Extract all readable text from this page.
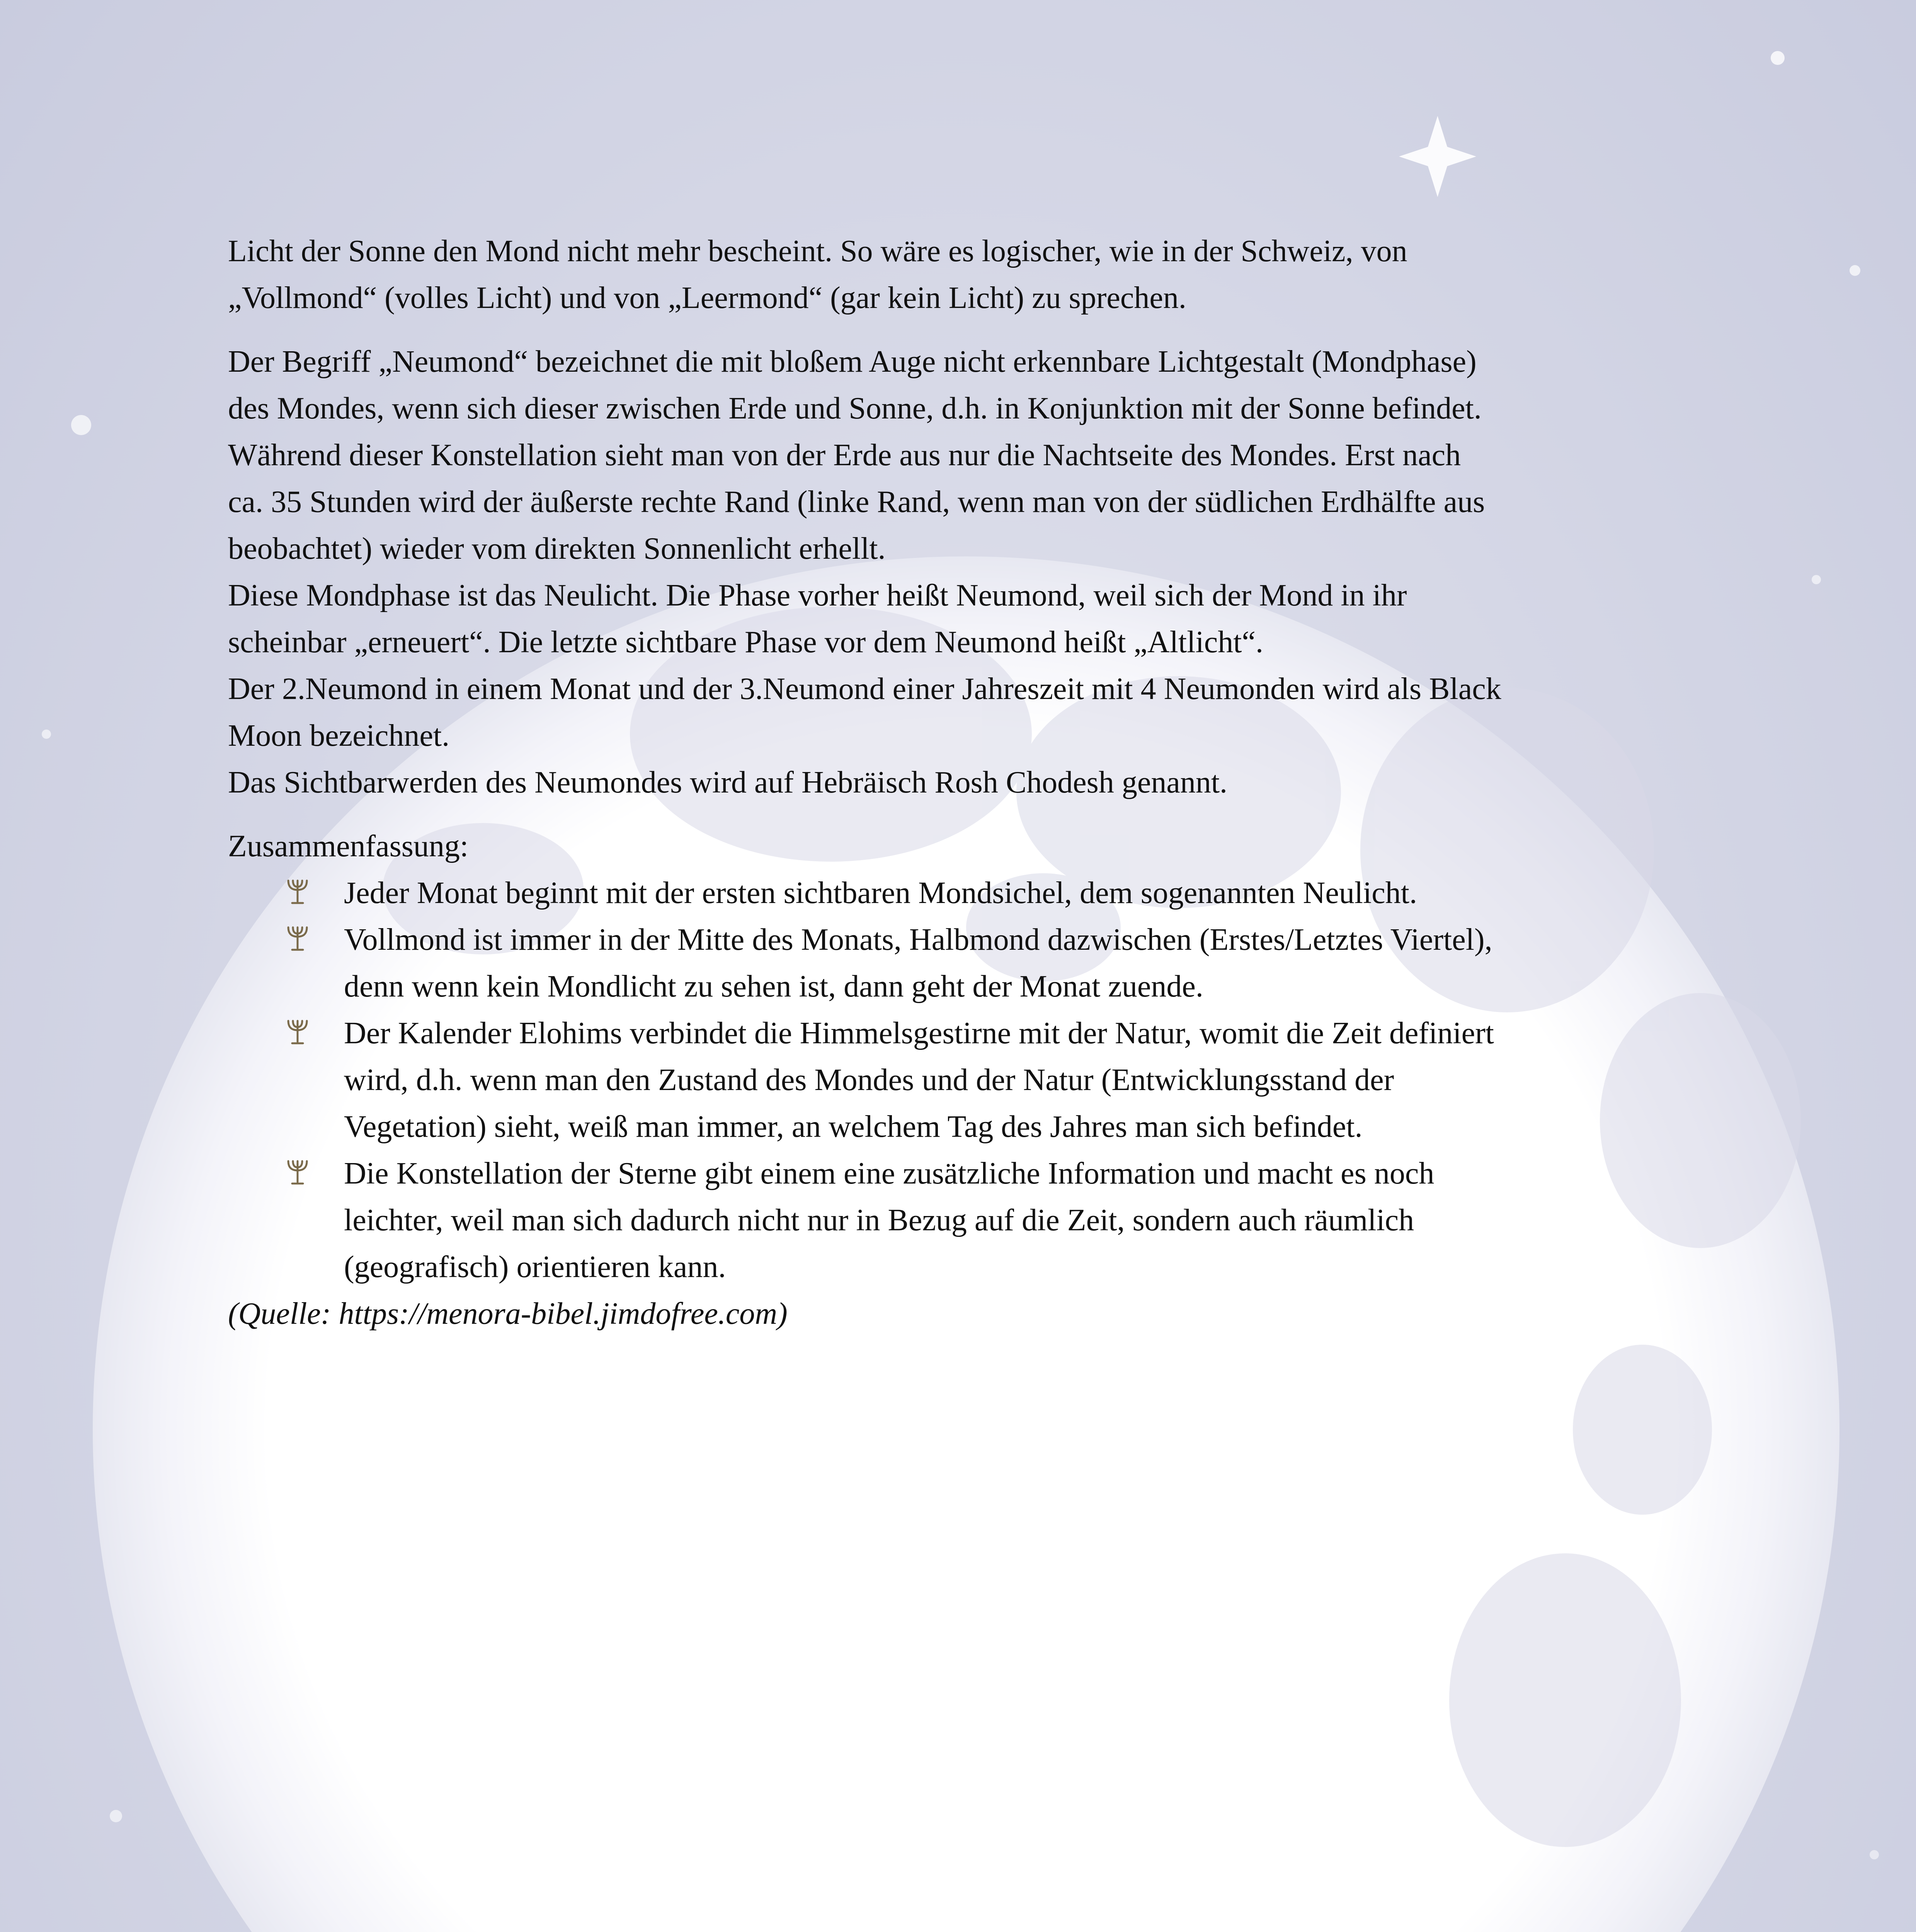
Licht der Sonne den Mond nicht mehr bescheint. So wäre es logischer, wie in der Schweiz, von

„Vollmond“ (volles Licht) und von „Leermond“ (gar kein Licht) zu sprechen.

Der Begriff „Neumond“ bezeichnet die mit bloßem Auge nicht erkennbare Lichtgestalt (Mondphase)

des Mondes, wenn sich dieser zwischen Erde und Sonne, d.h. in Konjunktion mit der Sonne befindet.

Während dieser Konstellation sieht man von der Erde aus nur die Nachtseite des Mondes. Erst nach

ca. 35 Stunden wird der äußerste rechte Rand (linke Rand, wenn man von der südlichen Erdhälfte aus

beobachtet) wieder vom direkten Sonnenlicht erhellt.

Diese Mondphase ist das Neulicht. Die Phase vorher heißt Neumond, weil sich der Mond in ihr

scheinbar „erneuert“. Die letzte sichtbare Phase vor dem Neumond heißt „Altlicht“.

Der 2.Neumond in einem Monat und der 3.Neumond einer Jahreszeit mit 4 Neumonden wird als Black

Moon bezeichnet.

Das Sichtbarwerden des Neumondes wird auf Hebräisch Rosh Chodesh genannt.

Zusammenfassung:

Jeder Monat beginnt mit der ersten sichtbaren Mondsichel, dem sogenannten Neulicht.

Vollmond ist immer in der Mitte des Monats, Halbmond dazwischen (Erstes/Letztes Viertel),

denn wenn kein Mondlicht zu sehen ist, dann geht der Monat zuende.

Der Kalender Elohims verbindet die Himmelsgestirne mit der Natur, womit die Zeit definiert

wird, d.h. wenn man den Zustand des Mondes und der Natur (Entwicklungsstand der

Vegetation) sieht, weiß man immer, an welchem Tag des Jahres man sich befindet.

Die Konstellation der Sterne gibt einem eine zusätzliche Information und macht es noch

leichter, weil man sich dadurch nicht nur in Bezug auf die Zeit, sondern auch räumlich

(geografisch) orientieren kann.

(Quelle: https://menora-bibel.jimdofree.com)
